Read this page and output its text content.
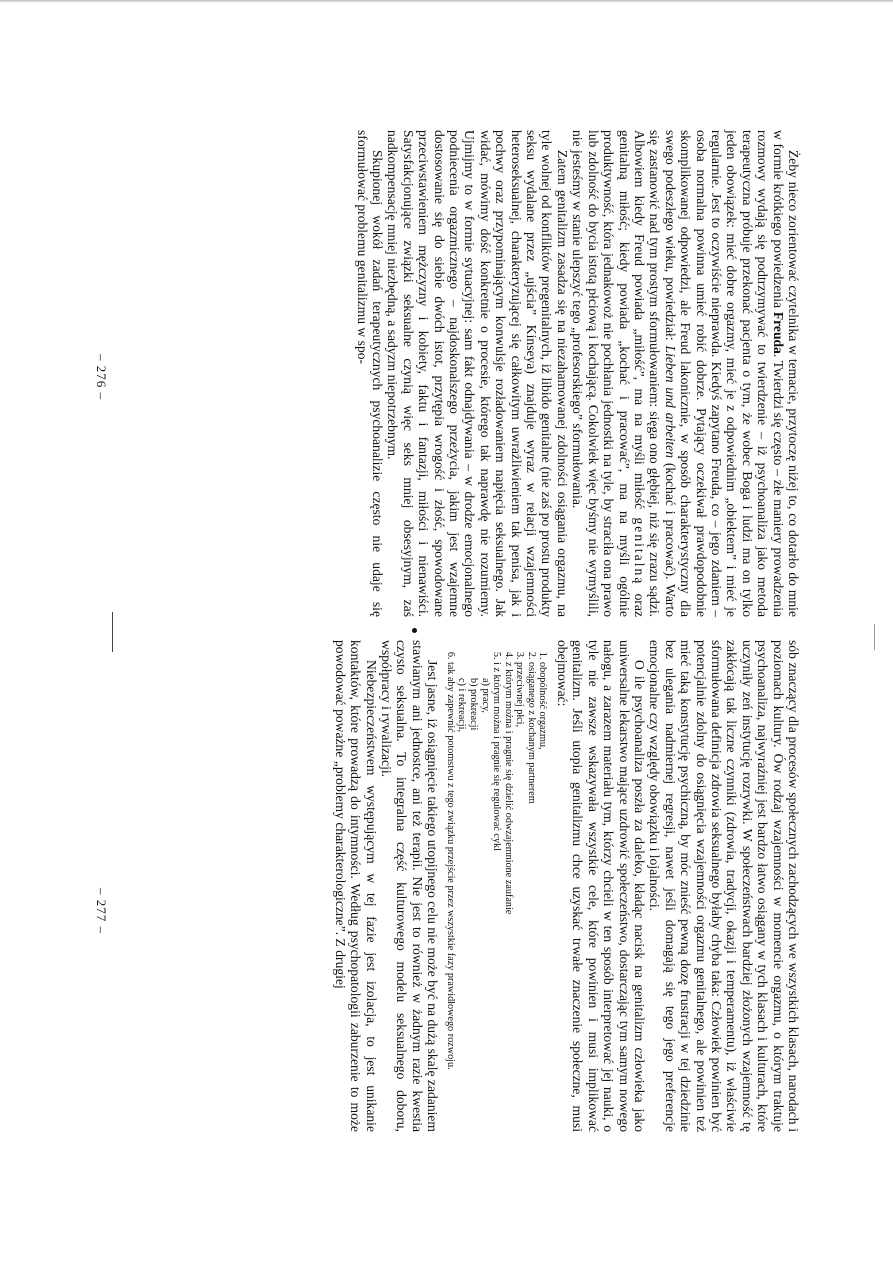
Żeby nieco zorientować czytelnika w temacie, przytoczę niżej to, co dotarło do mnie w formie krótkiego powiedzenia Freuda. Twierdzi się często – złe maniery prowadzenia rozmowy wydają się podtrzymywać to twierdzenie – iż psychoanaliza jako metoda terapeutyczna próbuje przekonać pacjenta o tym, że wobec Boga i ludzi ma on tylko jeden obowiązek: mieć dobre orgazmy, mieć je z odpowiednim „obiektem” i mieć je regularnie. Jest to oczywiście nieprawda. Kiedyś zapytano Freuda, co – jego zdaniem – osoba normalna powinna umieć robić dobrze. Pytający oczekiwał prawdopodobnie skomplikowanej odpowiedzi, ale Freud lakonicznie, w sposób charakterystyczny dla swego podeszłego wieku, powiedział: Lieben und arbeiten (kochać i pracować). Warto się zastanowić nad tym prostym sformułowaniem: sięga ono głębiej, niż się zrazu sądzi. Albowiem kiedy Freud powiada „miłość”, ma na myśli miłość genitalną oraz genitalną miłość; kiedy powiada „kochać i pracować”, ma na myśli ogólnie produktywność, która jednakowoż nie pochłania jednostki na tyle, by straciła ona prawo lub zdolność do bycia istotą płciową i kochającą. Cokolwiek więc byśmy nie wymyślili, nie jesteśmy w stanie ulepszyć tego „profesorskiego” sformułowania.

Zatem genitalizm zasadza się na niezahamowanej zdolności osiągania orgazmu, na tyle wolnej od konfliktów pregenitalnych, iż libido genitalne (nie zaś po prostu produkty seksu wydalane przez „ujścia” Kinseya) znajduje wyraz w relacji wzajemności heteroseksualnej, charakteryzującej się całkowitym uwrażliwieniem tak penisa, jak i pochwy oraz przypominającym konwulsje rozładowaniem napięcia seksualnego. Jak widać, mówimy dość konkretnie o procesie, którego tak naprawdę nie rozumiemy. Ujmijmy to w formie sytuacyjnej: sam fakt odnajdywania – w drodze emocjonalnego podniecenia orgazmicznego – najdoskonalszego przeżycia, jakim jest wzajemne dostosowanie się do siebie dwóch istot, przytępia wrogość i złość, spowodowane przeciwstawieniem mężczyzny i kobiety, faktu i fantazji, miłości i nienawiści. Satysfakcjonujące związki seksualne czynią więc seks mniej obsesyjnym, zaś nadkompensację mniej niezbędną, a sadyzm niepotrzebnym.

Skupionej wokół zadań terapeutycznych psychoanalizie często nie udaje się sformułować problemu genitalizmu w spo-

– 276 –

sób znaczący dla procesów społecznych zachodzących we wszystkich klasach, narodach i poziomach kultury. Ów rodzaj wzajemności w momencie orgazmu, o którym traktuje psychoanaliza, najwyraźniej jest bardzo łatwo osiągany w tych klasach i kulturach, które uczyniły zeń instytucję rozrywki. W społeczeństwach bardziej złożonych wzajemność tę zakłócają tak liczne czynniki (zdrowia, tradycji, okazji i temperamentu), iż właściwie sformułowana definicja zdrowia seksualnego byłaby chyba taka: Człowiek powinien być potencjalnie zdolny do osiągnięcia wzajemności orgazmu genitalnego, ale powinien też mieć taką konstytucję psychiczną, by móc znieść pewną dozę frustracji w tej dziedzinie bez ulegania nadmiernej regresji, nawet jeśli domagają się tego jego preferencje emocjonalne czy względy obowiązku i lojalności.

O ile psychoanaliza poszła za daleko, kładąc nacisk na genitalizm człowieka jako uniwersalne lekarstwo mające uzdrowić społeczeństwo, dostarczając tym samym nowego nałogu, a zarazem materiału tym, którzy chcieli w ten sposób interpretować jej nauki, o tyle nie zawsze wskazywała wszystkie cele, które powinien i musi implikować genitalizm. Jeśli utopia genitalizmu chce uzyskać trwałe znaczenie społeczne, musi obejmować:

1. obopólność orgazmu,
2. osiąganego z kochanym partnerem
3. przeciwnej płci,
4. z którym można i pragnie się dzielić odwzajemnione zaufanie
5. i z którym można i pragnie się regulować cykl
a) pracy,
b) prokreacji
c) i rekreacji,
6. tak aby zapewnić potomstwu z tego związku przejście przez wszystkie fazy prawidłowego rozwoju.

Jest jasne, iż osiągnięcie takiego utopijnego celu nie może być na dużą skalę zadaniem stawianym ani jednostce, ani też terapii. Nie jest to również w żadnym razie kwestia czysto seksualna. To integralna część kulturowego modelu seksualnego doboru, współpracy i rywalizacji.

Niebezpieczeństwem występującym w tej fazie jest izolacja, to jest unikanie kontaktów, które prowadzą do intymności. Według psychopatologii zaburzenie to może powodować poważne „problemy charakterologiczne”. Z drugiej

– 277 –
